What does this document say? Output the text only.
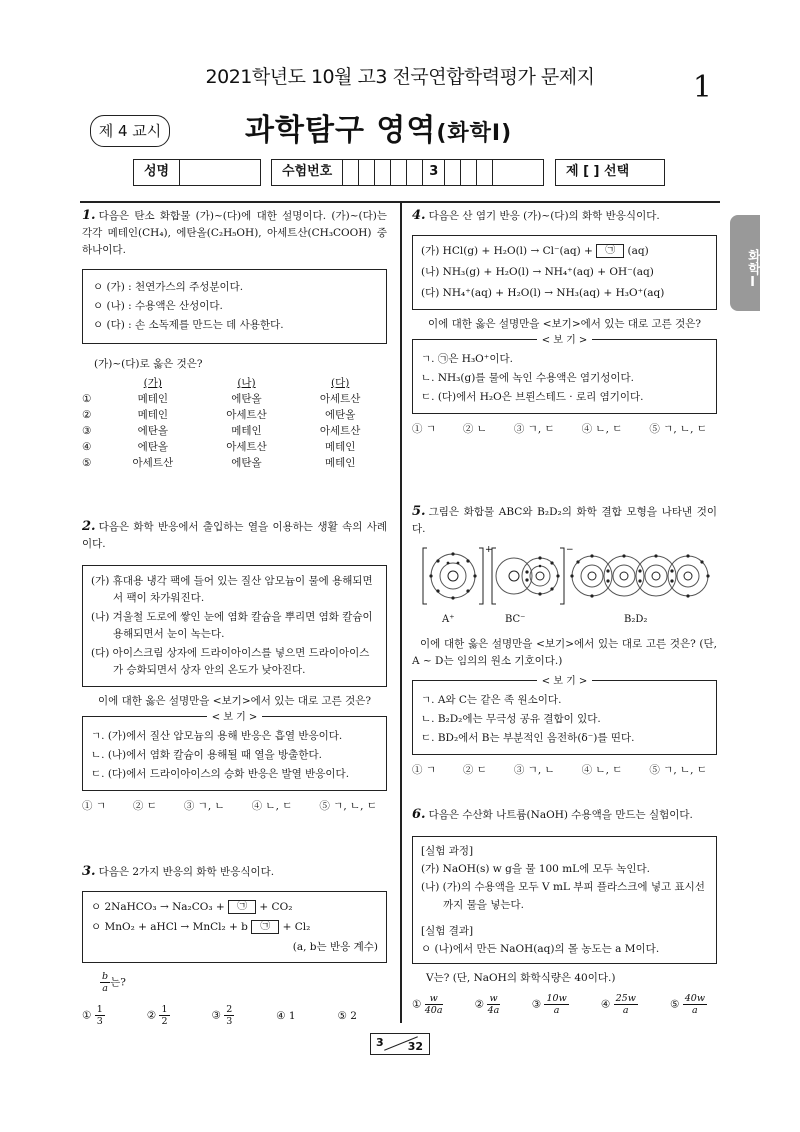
2021학년도 10월 고3 전국연합학력평가 문제지	1
제 4 교시	과학탐구 영역(화학Ⅰ)
성명	수험번호	3	제 [ ] 선택
화학Ⅰ
1. 다음은 탄소 화합물 (가)~(다)에 대한 설명이다. (가)~(다)는 각각 메테인(CH₄), 에탄올(C₂H₅OH), 아세트산(CH₃COOH) 중 하나이다.

ㅇ (가) : 천연가스의 주성분이다.

ㅇ (나) : 수용액은 산성이다.

ㅇ (다) : 손 소독제를 만드는 데 사용한다.

(가)~(다)로 옳은 것은?
	(가)	(나)	(다)
①	메테인	에탄올	아세트산
②	메테인	아세트산	에탄올
③	에탄올	메테인	아세트산
④	에탄올	아세트산	메테인
⑤	아세트산	에탄올	메테인
2. 다음은 화학 반응에서 출입하는 열을 이용하는 생활 속의 사례이다.

(가) 휴대용 냉각 팩에 들어 있는 질산 암모늄이 물에 용해되면서 팩이 차가워진다.

(나) 겨울철 도로에 쌓인 눈에 염화 칼슘을 뿌리면 염화 칼슘이 용해되면서 눈이 녹는다.

(다) 아이스크림 상자에 드라이아이스를 넣으면 드라이아이스가 승화되면서 상자 안의 온도가 낮아진다.

이에 대한 옳은 설명만을 <보기>에서 있는 대로 고른 것은?
< 보 기 >
ㄱ. (가)에서 질산 암모늄의 용해 반응은 흡열 반응이다.
ㄴ. (나)에서 염화 칼슘이 용해될 때 열을 방출한다.
ㄷ. (다)에서 드라이아이스의 승화 반응은 발열 반응이다.
① ㄱ	② ㄷ	③ ㄱ, ㄴ	④ ㄴ, ㄷ	⑤ ㄱ, ㄴ, ㄷ
3. 다음은 2가지 반응의 화학 반응식이다.
ㅇ 2NaHCO₃ → Na₂CO₃ + ㉠ + CO₂
ㅇ MnO₂ + aHCl → MnCl₂ + b ㉠ + Cl₂
(a, b는 반응 계수)
$\frac{b}{a}$ 는?
① $\frac{1}{3}$	② $\frac{1}{2}$	③ $\frac{2}{3}$	④ 1	⑤ 2
4. 다음은 산 염기 반응 (가)~(다)의 화학 반응식이다.
(가) HCl(g) + H₂O(l) → Cl⁻(aq) + ㉠ (aq)
(나) NH₃(g) + H₂O(l) → NH₄⁺(aq) + OH⁻(aq)
(다) NH₄⁺(aq) + H₂O(l) → NH₃(aq) + H₃O⁺(aq)
이에 대한 옳은 설명만을 <보기>에서 있는 대로 고른 것은?
< 보 기 >
ㄱ. ㉠은 H₃O⁺이다.
ㄴ. NH₃(g)를 물에 녹인 수용액은 염기성이다.
ㄷ. (다)에서 H₂O은 브뢴스테드 · 로리 염기이다.
① ㄱ	② ㄴ	③ ㄱ, ㄷ	④ ㄴ, ㄷ	⑤ ㄱ, ㄴ, ㄷ
5. 그림은 화합물 ABC와 B₂D₂의 화학 결합 모형을 나타낸 것이다.
+	−
A⁺	BC⁻	B₂D₂
이에 대한 옳은 설명만을 <보기>에서 있는 대로 고른 것은? (단, A ~ D는 임의의 원소 기호이다.)
< 보 기 >
ㄱ. A와 C는 같은 족 원소이다.
ㄴ. B₂D₂에는 무극성 공유 결합이 있다.
ㄷ. BD₂에서 B는 부분적인 음전하(δ⁻)를 띤다.
① ㄱ	② ㄷ	③ ㄱ, ㄴ	④ ㄴ, ㄷ	⑤ ㄱ, ㄴ, ㄷ
6. 다음은 수산화 나트륨(NaOH) 수용액을 만드는 실험이다.
[실험 과정]
(가) NaOH(s) w g을 물 100 mL에 모두 녹인다.
(나) (가)의 수용액을 모두 V mL 부피 플라스크에 넣고 표시선까지 물을 넣는다.
[실험 결과]
ㅇ (나)에서 만든 NaOH(aq)의 몰 농도는 a M이다.
V는? (단, NaOH의 화학식량은 40이다.)
① $\frac{w}{40a}$	② $\frac{w}{4a}$	③ $\frac{10w}{a}$	④ $\frac{25w}{a}$	⑤ $\frac{40w}{a}$
3 32
